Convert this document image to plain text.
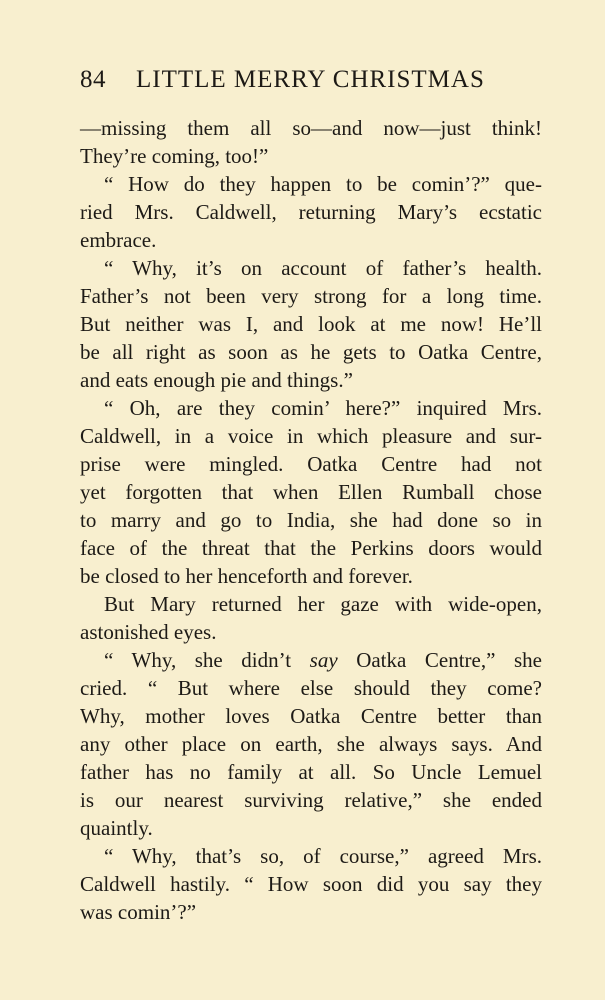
84	LITTLE MERRY CHRISTMAS
—missing them all so—and now—just think!
They’re coming, too!”
“ How do they happen to be comin’?” que-
ried Mrs. Caldwell, returning Mary’s ecstatic
embrace.
“ Why, it’s on account of father’s health.
Father’s not been very strong for a long time.
But neither was I, and look at me now! He’ll
be all right as soon as he gets to Oatka Centre,
and eats enough pie and things.”
“ Oh, are they comin’ here?” inquired Mrs.
Caldwell, in a voice in which pleasure and sur-
prise were mingled. Oatka Centre had not
yet forgotten that when Ellen Rumball chose
to marry and go to India, she had done so in
face of the threat that the Perkins doors would
be closed to her henceforth and forever.
But Mary returned her gaze with wide-open,
astonished eyes.
“ Why, she didn’t say Oatka Centre,” she
cried. “ But where else should they come?
Why, mother loves Oatka Centre better than
any other place on earth, she always says. And
father has no family at all. So Uncle Lemuel
is our nearest surviving relative,” she ended
quaintly.
“ Why, that’s so, of course,” agreed Mrs.
Caldwell hastily. “ How soon did you say they
was comin’?”
